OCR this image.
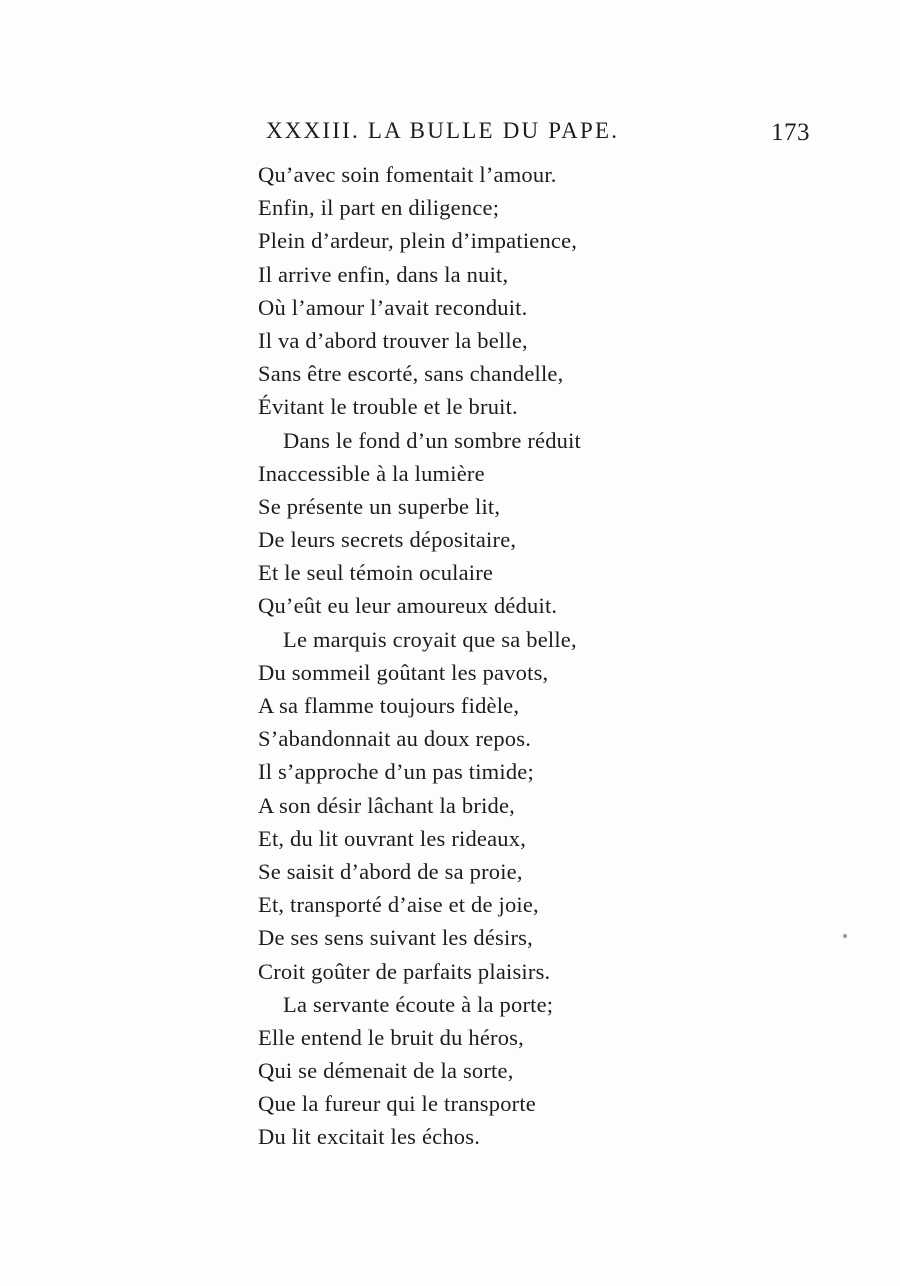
XXXIII. LA BULLE DU PAPE.	173
Qu’avec soin fomentait l’amour.
Enfin, il part en diligence;
Plein d’ardeur, plein d’impatience,
Il arrive enfin, dans la nuit,
Où l’amour l’avait reconduit.
Il va d’abord trouver la belle,
Sans être escorté, sans chandelle,
Évitant le trouble et le bruit.
Dans le fond d’un sombre réduit
Inaccessible à la lumière
Se présente un superbe lit,
De leurs secrets dépositaire,
Et le seul témoin oculaire
Qu’eût eu leur amoureux déduit.
Le marquis croyait que sa belle,
Du sommeil goûtant les pavots,
A sa flamme toujours fidèle,
S’abandonnait au doux repos.
Il s’approche d’un pas timide;
A son désir lâchant la bride,
Et, du lit ouvrant les rideaux,
Se saisit d’abord de sa proie,
Et, transporté d’aise et de joie,
De ses sens suivant les désirs,
Croit goûter de parfaits plaisirs.
La servante écoute à la porte;
Elle entend le bruit du héros,
Qui se démenait de la sorte,
Que la fureur qui le transporte
Du lit excitait les échos.
